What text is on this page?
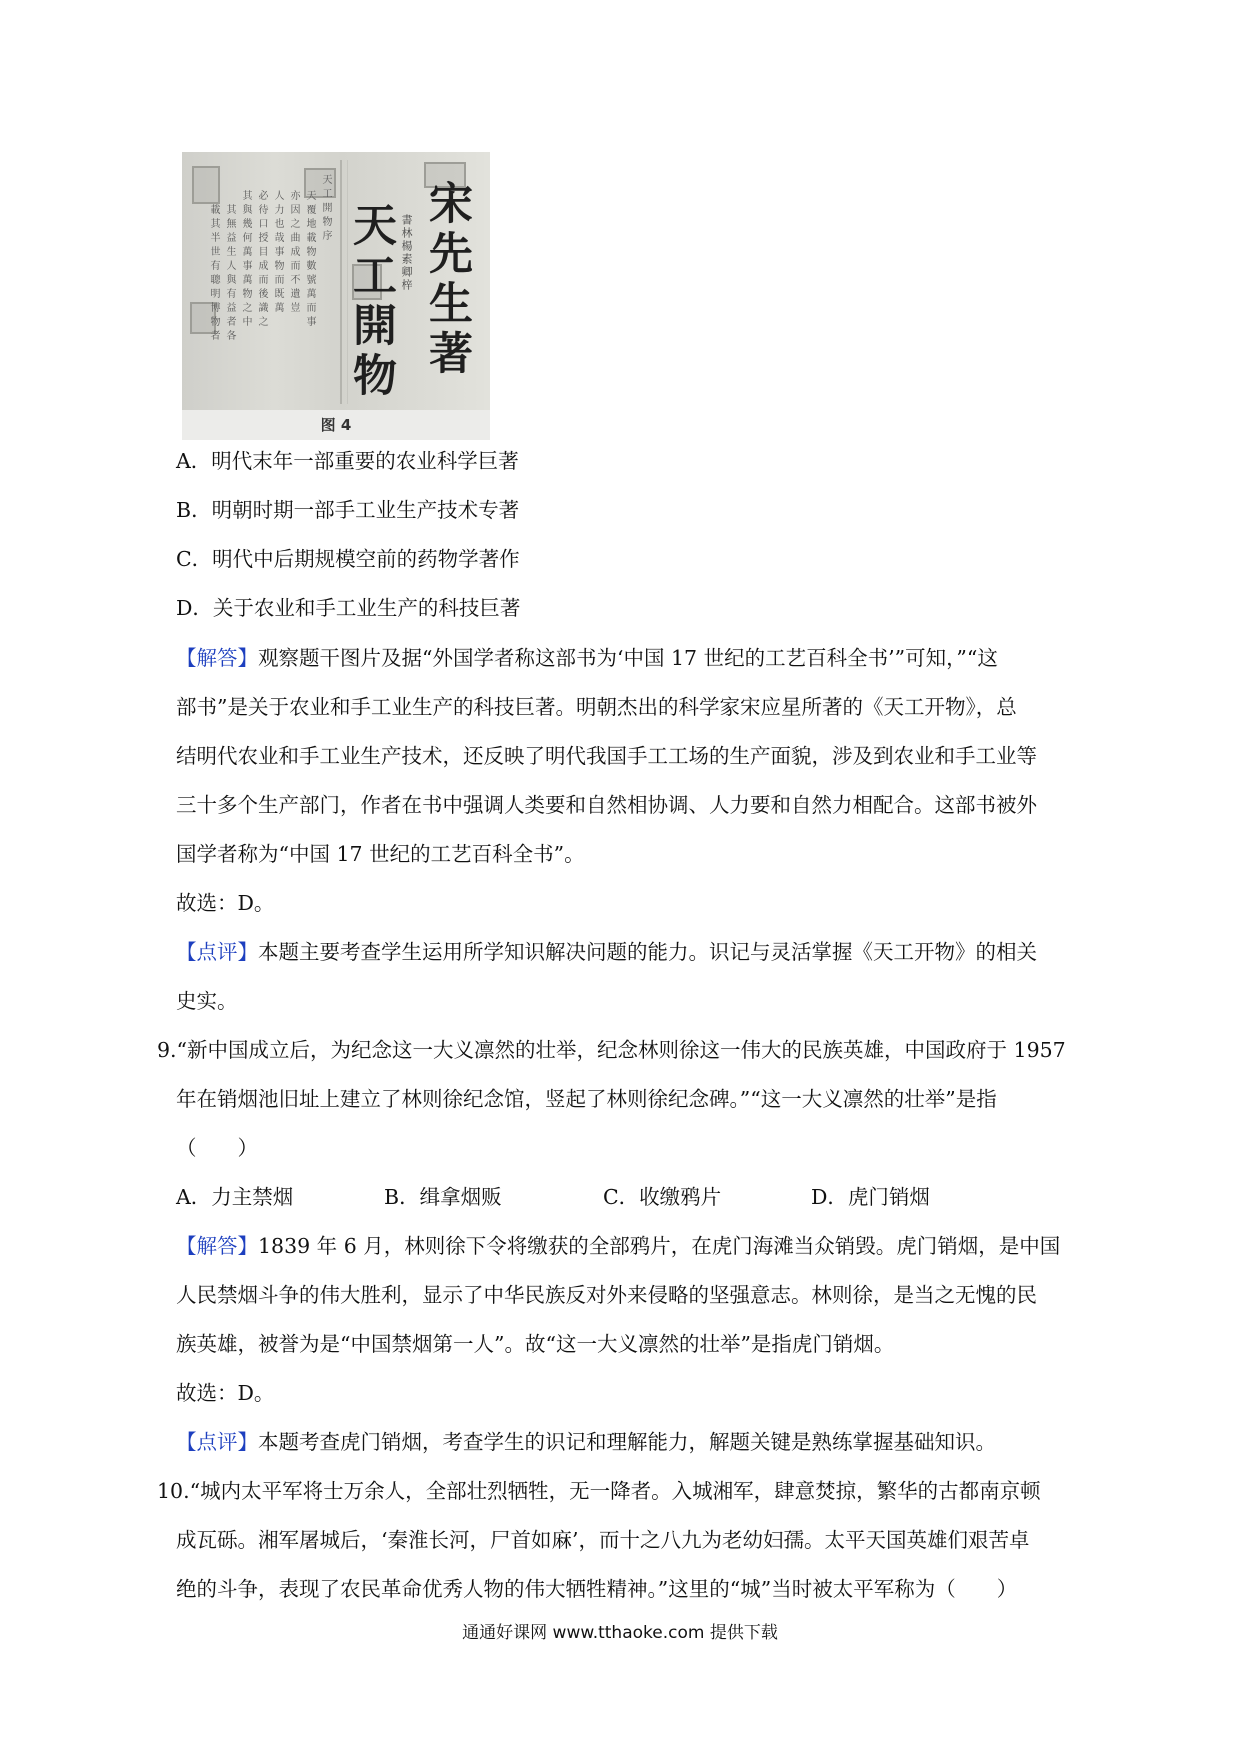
宋先生著
天工開物 書林楊素卿梓
天工開物序
天覆地載物數號萬而事
亦因之曲成而不遺豈
人力也哉事物而既萬
必待口授目成而後識之
其與幾何萬事萬物之中
其無益生人與有益者各
載其半世有聰明博物者
图 4

A．明代末年一部重要的农业科学巨著

B．明朝时期一部手工业生产技术专著

C．明代中后期规模空前的药物学著作

D．关于农业和手工业生产的科技巨著

【解答】观察题干图片及据“外国学者称这部书为‘中国 17 世纪的工艺百科全书’”可知，”“这

部书”是关于农业和手工业生产的科技巨著。明朝杰出的科学家宋应星所著的《天工开物》，总

结明代农业和手工业生产技术，还反映了明代我国手工工场的生产面貌，涉及到农业和手工业等

三十多个生产部门，作者在书中强调人类要和自然相协调、人力要和自然力相配合。这部书被外

国学者称为“中国 17 世纪的工艺百科全书”。

故选：D。

【点评】本题主要考查学生运用所学知识解决问题的能力。识记与灵活掌握《天工开物》的相关

史实。

9.“新中国成立后，为纪念这一大义凛然的壮举，纪念林则徐这一伟大的民族英雄，中国政府于 1957

年在销烟池旧址上建立了林则徐纪念馆，竖起了林则徐纪念碑。”“这一大义凛然的壮举”是指

（　　）

A．力主禁烟	B．缉拿烟贩	C．收缴鸦片	D．虎门销烟

【解答】1839 年 6 月，林则徐下令将缴获的全部鸦片，在虎门海滩当众销毁。虎门销烟，是中国

人民禁烟斗争的伟大胜利，显示了中华民族反对外来侵略的坚强意志。林则徐，是当之无愧的民

族英雄，被誉为是“中国禁烟第一人”。故“这一大义凛然的壮举”是指虎门销烟。

故选：D。

【点评】本题考查虎门销烟，考查学生的识记和理解能力，解题关键是熟练掌握基础知识。

10.“城内太平军将士万余人，全部壮烈牺牲，无一降者。入城湘军，肆意焚掠，繁华的古都南京顿

成瓦砾。湘军屠城后，‘秦淮长河，尸首如麻’，而十之八九为老幼妇孺。太平天国英雄们艰苦卓

绝的斗争，表现了农民革命优秀人物的伟大牺牲精神。”这里的“城”当时被太平军称为（　　）

通通好课网 www.tthaoke.com 提供下载
